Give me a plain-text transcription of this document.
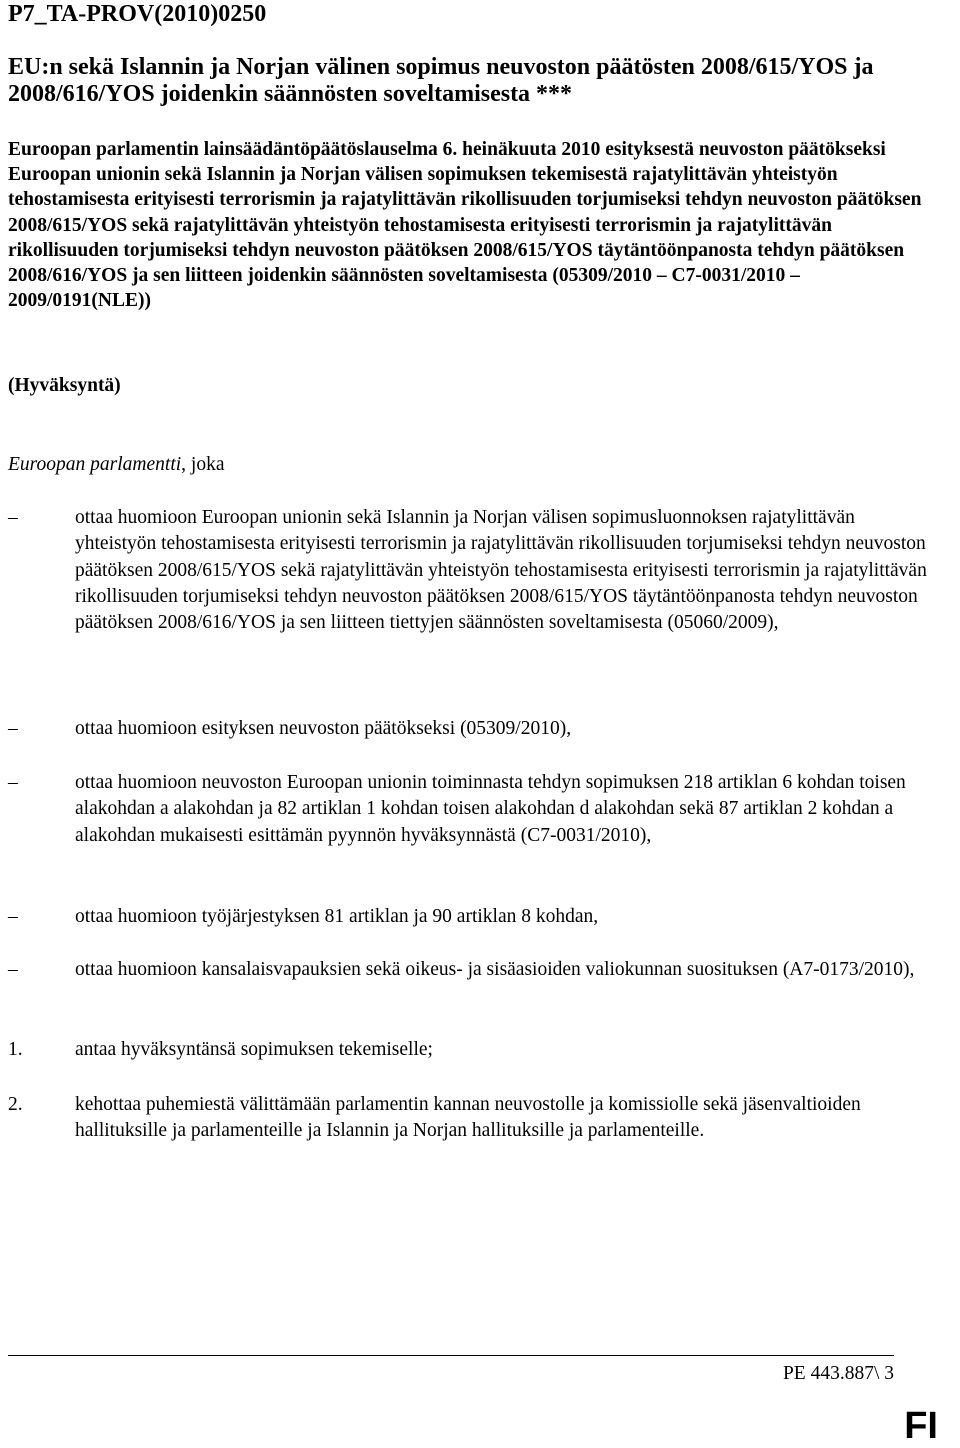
P7_TA-PROV(2010)0250
EU:n sekä Islannin ja Norjan välinen sopimus neuvoston päätösten 2008/615/YOS ja 2008/616/YOS joidenkin säännösten soveltamisesta ***
Euroopan parlamentin lainsäädäntöpäätöslauselma 6. heinäkuuta 2010 esityksestä neuvoston päätökseksi Euroopan unionin sekä Islannin ja Norjan välisen sopimuksen tekemisestä rajatylittävän yhteistyön tehostamisesta erityisesti terrorismin ja rajatylittävän rikollisuuden torjumiseksi tehdyn neuvoston päätöksen 2008/615/YOS sekä rajatylittävän yhteistyön tehostamisesta erityisesti terrorismin ja rajatylittävän rikollisuuden torjumiseksi tehdyn neuvoston päätöksen 2008/615/YOS täytäntöönpanosta tehdyn päätöksen 2008/616/YOS ja sen liitteen joidenkin säännösten soveltamisesta (05309/2010 – C7-0031/2010 – 2009/0191(NLE))
(Hyväksyntä)
Euroopan parlamentti, joka
–	ottaa huomioon Euroopan unionin sekä Islannin ja Norjan välisen sopimusluonnoksen rajatylittävän yhteistyön tehostamisesta erityisesti terrorismin ja rajatylittävän rikollisuuden torjumiseksi tehdyn neuvoston päätöksen 2008/615/YOS sekä rajatylittävän yhteistyön tehostamisesta erityisesti terrorismin ja rajatylittävän rikollisuuden torjumiseksi tehdyn neuvoston päätöksen 2008/615/YOS täytäntöönpanosta tehdyn neuvoston päätöksen 2008/616/YOS ja sen liitteen tiettyjen säännösten soveltamisesta (05060/2009),
–	ottaa huomioon esityksen neuvoston päätökseksi (05309/2010),
–	ottaa huomioon neuvoston Euroopan unionin toiminnasta tehdyn sopimuksen 218 artiklan 6 kohdan toisen alakohdan a alakohdan ja 82 artiklan 1 kohdan toisen alakohdan d alakohdan sekä 87 artiklan 2 kohdan a alakohdan mukaisesti esittämän pyynnön hyväksynnästä (C7-0031/2010),
–	ottaa huomioon työjärjestyksen 81 artiklan ja 90 artiklan 8 kohdan,
–	ottaa huomioon kansalaisvapauksien sekä oikeus- ja sisäasioiden valiokunnan suosituksen (A7-0173/2010),
1.	antaa hyväksyntänsä sopimuksen tekemiselle;
2.	kehottaa puhemiestä välittämään parlamentin kannan neuvostolle ja komissiolle sekä jäsenvaltioiden hallituksille ja parlamenteille ja Islannin ja Norjan hallituksille ja parlamenteille.
PE 443.887\ 3
FI
